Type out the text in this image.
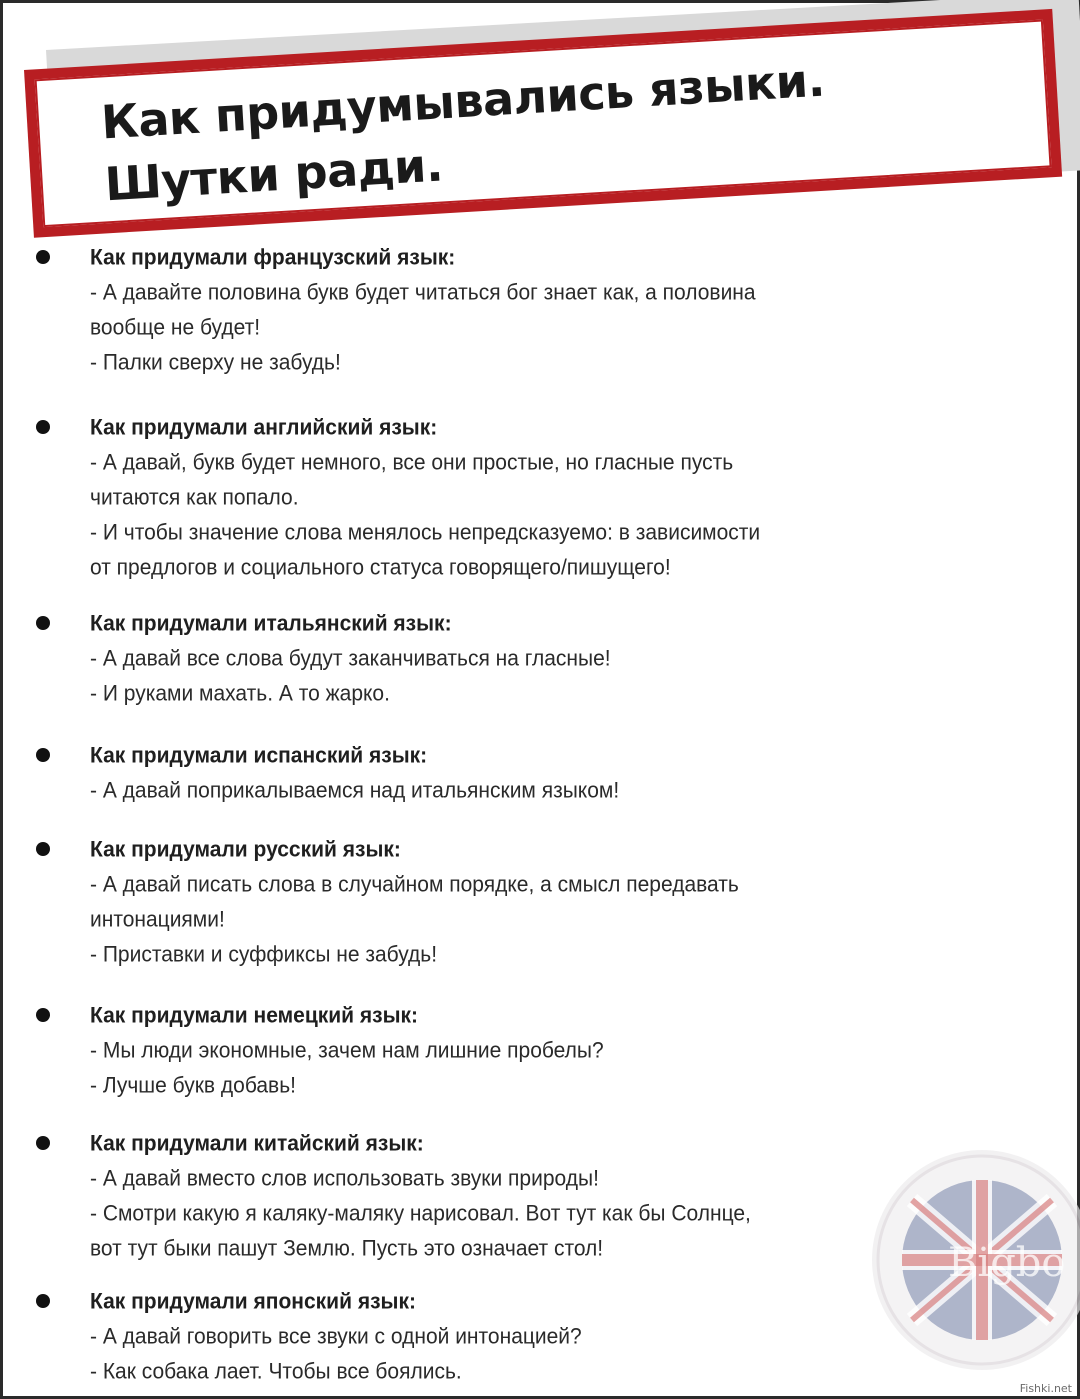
Как придумывались языки.
Шутки ради.
Bigbo
Как придумали французский язык:
- А давайте половина букв будет читаться бог знает как, а половина
вообще не будет!
- Палки сверху не забудь!
Как придумали английский язык:
- А давай, букв будет немного, все они простые, но гласные пусть
читаются как попало.
- И чтобы значение слова менялось непредсказуемо: в зависимости
от предлогов и социального статуса говорящего/пишущего!
Как придумали итальянский язык:
- А давай все слова будут заканчиваться на гласные!
- И руками махать. А то жарко.
Как придумали испанский язык:
- А давай поприкалываемся над итальянским языком!
Как придумали русский язык:
- А давай писать слова в случайном порядке, а смысл передавать
интонациями!
- Приставки и суффиксы не забудь!
Как придумали немецкий язык:
- Мы люди экономные, зачем нам лишние пробелы?
- Лучше букв добавь!
Как придумали китайский язык:
- А давай вместо слов использовать звуки природы!
- Смотри какую я каляку-маляку нарисовал. Вот тут как бы Солнце,
вот тут быки пашут Землю. Пусть это означает стол!
Как придумали японский язык:
- А давай говорить все звуки с одной интонацией?
- Как собака лает. Чтобы все боялись.
Fishki.net
